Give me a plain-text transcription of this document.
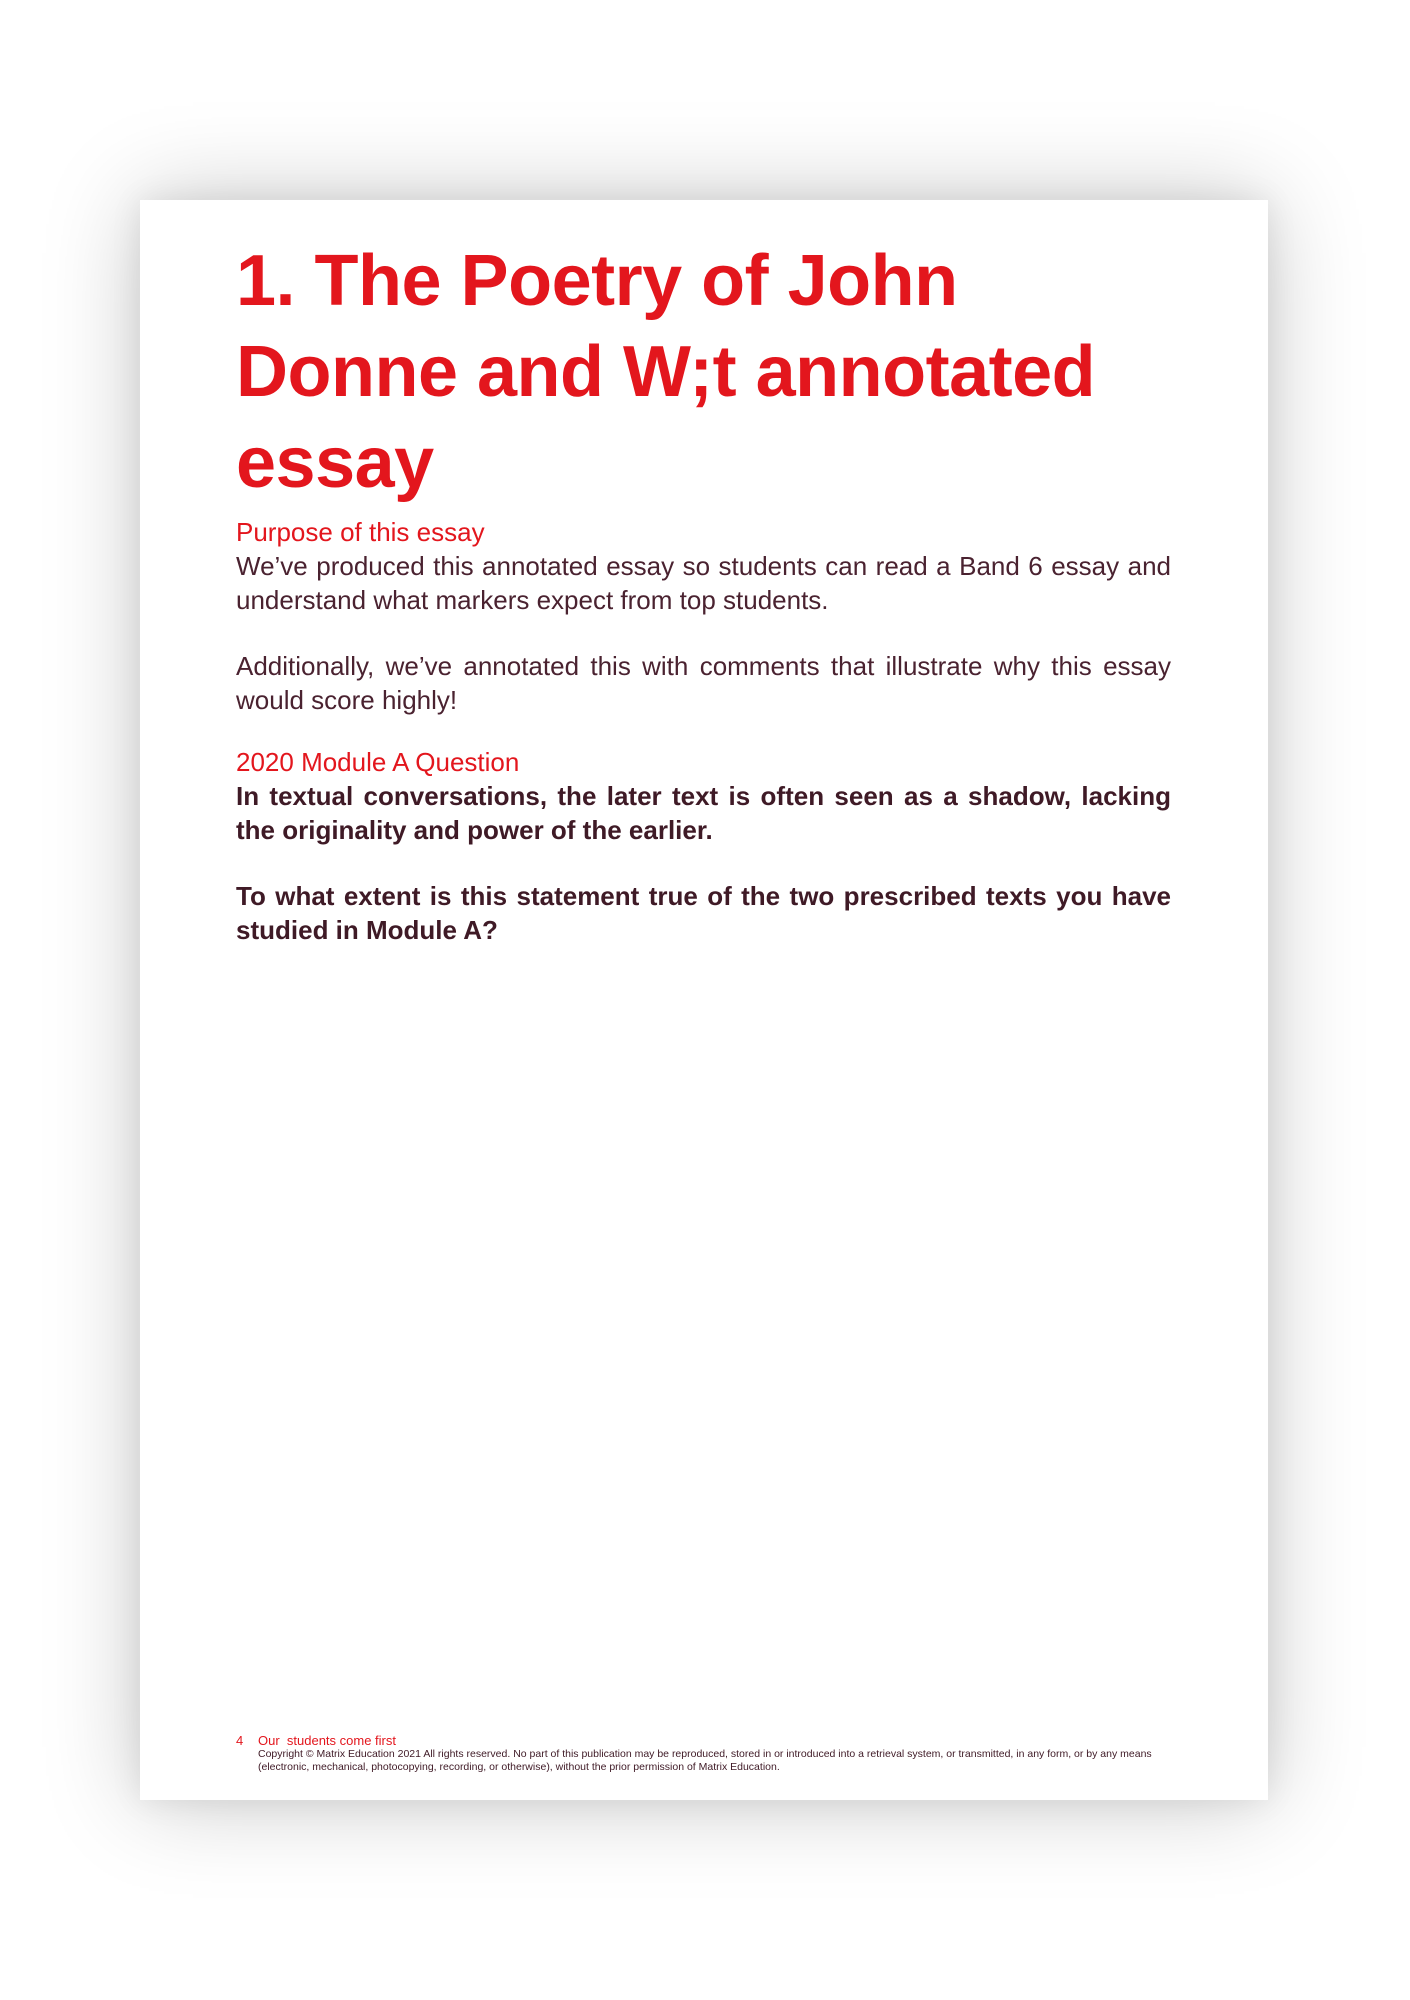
1. The Poetry of John Donne and W;t annotated essay
Purpose of this essay

We’ve produced this annotated essay so students can read a Band 6 essay and understand what markers expect from top students.

Additionally, we’ve annotated this with comments that illustrate why this essay would score highly!

2020 Module A Question

In textual conversations, the later text is often seen as a shadow, lacking the originality and power of the earlier.

To what extent is this statement true of the two prescribed texts you have studied in Module A?

4 Our  students come first
Copyright © Matrix Education 2021 All rights reserved. No part of this publication may be reproduced, stored in or introduced into a retrieval system, or transmitted, in any form, or by any means (electronic, mechanical, photocopying, recording, or otherwise), without the prior permission of Matrix Education.
